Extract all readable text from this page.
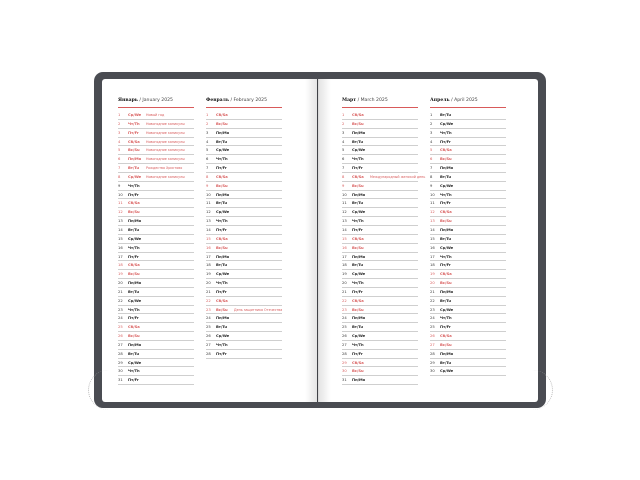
Январь / January 2025
1	Ср/We Новый год
2	Чт/Th Новогодние каникулы
3	Пт/Fr Новогодние каникулы
4	Сб/Sa Новогодние каникулы
5	Вс/Su Новогодние каникулы
6	Пн/Mo Новогодние каникулы
7	Вт/Tu Рождество Христово
8	Ср/We Новогодние каникулы
9	Чт/Th
10	Пт/Fr
11	Сб/Sa
12	Вс/Su
13	Пн/Mo
14	Вт/Tu
15	Ср/We
16	Чт/Th
17	Пт/Fr
18	Сб/Sa
19	Вс/Su
20	Пн/Mo
21	Вт/Tu
22	Ср/We
23	Чт/Th
24	Пт/Fr
25	Сб/Sa
26	Вс/Su
27	Пн/Mo
28	Вт/Tu
29	Ср/We
30	Чт/Th
31	Пт/Fr
Февраль / February 2025
1	Сб/Sa
2	Вс/Su
3	Пн/Mo
4	Вт/Tu
5	Ср/We
6	Чт/Th
7	Пт/Fr
8	Сб/Sa
9	Вс/Su
10	Пн/Mo
11	Вт/Tu
12	Ср/We
13	Чт/Th
14	Пт/Fr
15	Сб/Sa
16	Вс/Su
17	Пн/Mo
18	Вт/Tu
19	Ср/We
20	Чт/Th
21	Пт/Fr
22	Сб/Sa
23	Вс/Su День защитника Отечества
24	Пн/Mo
25	Вт/Tu
26	Ср/We
27	Чт/Th
28	Пт/Fr
Март / March 2025
1	Сб/Sa
2	Вс/Su
3	Пн/Mo
4	Вт/Tu
5	Ср/We
6	Чт/Th
7	Пт/Fr
8	Сб/Sa Международный женский день
9	Вс/Su
10	Пн/Mo
11	Вт/Tu
12	Ср/We
13	Чт/Th
14	Пт/Fr
15	Сб/Sa
16	Вс/Su
17	Пн/Mo
18	Вт/Tu
19	Ср/We
20	Чт/Th
21	Пт/Fr
22	Сб/Sa
23	Вс/Su
24	Пн/Mo
25	Вт/Tu
26	Ср/We
27	Чт/Th
28	Пт/Fr
29	Сб/Sa
30	Вс/Su
31	Пн/Mo
Апрель / April 2025
1	Вт/Tu
2	Ср/We
3	Чт/Th
4	Пт/Fr
5	Сб/Sa
6	Вс/Su
7	Пн/Mo
8	Вт/Tu
9	Ср/We
10	Чт/Th
11	Пт/Fr
12	Сб/Sa
13	Вс/Su
14	Пн/Mo
15	Вт/Tu
16	Ср/We
17	Чт/Th
18	Пт/Fr
19	Сб/Sa
20	Вс/Su
21	Пн/Mo
22	Вт/Tu
23	Ср/We
24	Чт/Th
25	Пт/Fr
26	Сб/Sa
27	Вс/Su
28	Пн/Mo
29	Вт/Tu
30	Ср/We
